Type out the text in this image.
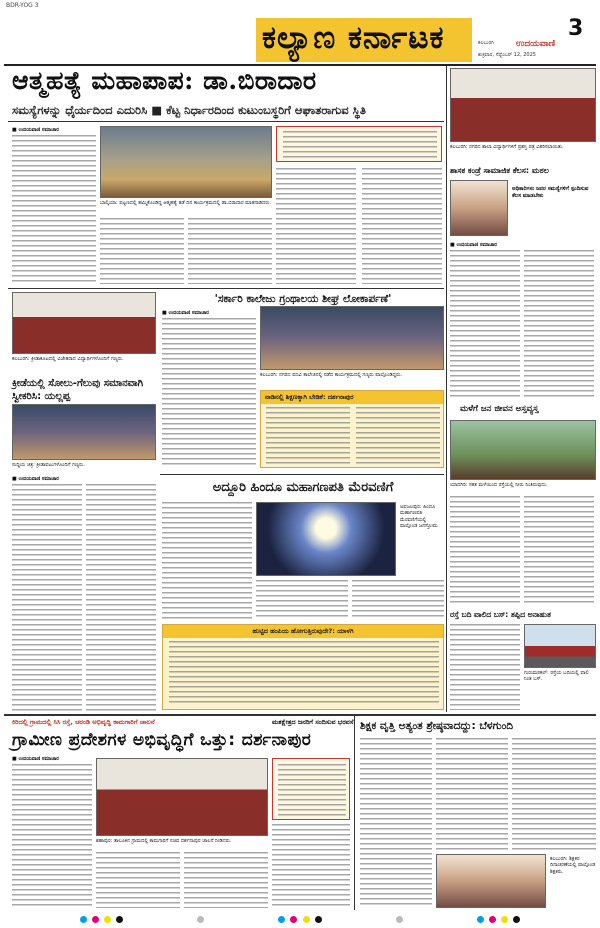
BDR-YOG 3
ಕಲ್ಯಾಣ ಕರ್ನಾಟಕ	ಕಲಬುರಗಿ ಉದಯವಾಣಿ
3
ಶುಕ್ರವಾರ, ಸೆಪ್ಟೆಂಬರ್ 12, 2025
ಆತ್ಮಹತ್ಯೆ ಮಹಾಪಾಪ: ಡಾ.ಬಿರಾದಾರ
ಸಮಸ್ಯೆಗಳನ್ನು ಧೈರ್ಯದಿಂದ ಎದುರಿಸಿ ■ ಕೆಟ್ಟ ನಿರ್ಧಾರದಿಂದ ಕುಟುಂಬಸ್ಥರಿಗೆ ಆಘಾತರಾಗುವ ಸ್ಥಿತಿ
■ ಉದಯವಾಣಿ ಸಮಾಚಾರ
ಬಾಲ್ಕಿಯಾ: ಪಟ್ಟಣದಲ್ಲಿ ಹಮ್ಮಿಕೊಂಡಿದ್ದ ಆತ್ಮಹತ್ಯೆ ತಡೆ ದಿನ ಕಾರ್ಯಕ್ರಮದಲ್ಲಿ ಡಾ.ಬಿರಾದಾರ ಮಾತನಾಡಿದರು.
ಕಲಬುರಗಿ: ನಗರದ ಶಾಲಾ ವಿದ್ಯಾರ್ಥಿಗಳಿಗೆ ಪ್ರಶಸ್ತಿ ಪತ್ರ ವಿತರಿಸಲಾಯಿತು.
ಶಾಸಕ ಕಂಡ್ರೆ ಸಾಮಾಜಿಕ ಕೆಲಸ: ಮಠಲ
ಅಧಿಕಾರಿಗಳು ಜನರ ಸಮಸ್ಯೆಗಳಿಗೆ ಸ್ಪಂದಿಸುವ ಕೆಲಸ ಮಾಡಬೇಕು
■ ಉದಯವಾಣಿ ಸಮಾಚಾರ
ಮಳೆಗೆ ಜನ ಜೀವನ ಅಸ್ತವ್ಯಸ್ತ
ಯಾದಗಿರಿ: ಸತತ ಮಳೆಯಿಂದ ರಸ್ತೆಯಲ್ಲಿ ನೀರು ನಿಂತಿರುವುದು.
ರಸ್ತೆ ಬದಿ ವಾಲಿದ ಬಸ್: ತಪ್ಪಿದ ಅನಾಹುತ
ಗುರುಮಠಕಲ್: ರಸ್ತೆಯ ಬದಿಯಲ್ಲಿ ವಾಲಿ ನಿಂತ ಬಸ್.
ಕಲಬುರಗಿ: ಕ್ರೀಡಾಕೂಟದಲ್ಲಿ ವಿಜೇತರಾದ ವಿದ್ಯಾರ್ಥಿಗಳೊಂದಿಗೆ ಗಣ್ಯರು.
ಕ್ರೀಡೆಯಲ್ಲಿ ಸೋಲು-ಗೆಲುವು ಸಮಾನವಾಗಿ ಸ್ವೀಕರಿಸಿ: ಯಲ್ಲಪ್ಪ
ಸುದ್ದಿಯ ಚಿತ್ರ: ಕ್ರೀಡಾಪಟುಗಳೊಂದಿಗೆ ಗಣ್ಯರು.
'ಸರ್ಕಾರಿ ಕಾಲೇಜು ಗ್ರಂಥಾಲಯ ಶೀಘ್ರ ಲೋಕಾರ್ಪಣೆ'
■ ಉದಯವಾಣಿ ಸಮಾಚಾರ
ಕಲಬುರಗಿ: ನಗರದ ಪದವಿ ಕಾಲೇಜಿನಲ್ಲಿ ನಡೆದ ಕಾರ್ಯಕ್ರಮದಲ್ಲಿ ಗಣ್ಯರು ಪಾಲ್ಗೊಂಡಿದ್ದರು.
ನಾಡಿನಲ್ಲಿ ಶಿಕ್ಷಣಕ್ಕಾಗಿ ಬೇಡಿಕೆ: ದರ್ಶನಾಪುರ
ಅದ್ದೂರಿ ಹಿಂದೂ ಮಹಾಗಣಪತಿ ಮೆರವಣಿಗೆ
■ ಉದಯವಾಣಿ ಸಮಾಚಾರ
ಅಫಜಲಪುರ: ಹಿಂದೂ ಮಹಾಗಣಪತಿ ಮೆರವಣಿಗೆಯಲ್ಲಿ ಪಾಲ್ಗೊಂಡ ಜನಸ್ತೋಮ
ಹುಟ್ಟಿದ ಹಂಪಿಯ ಹೋಗುತ್ತಿರುವುದೇ?: ಯಾಳಗಿ
ಕಿರಿದಲ್ಲಿ ಗ್ರಾಮದಲ್ಲಿ ಸಿಸಿ ರಸ್ತೆ, ಚರಂಡಿ ಅಭಿವೃದ್ಧಿ ಕಾಮಗಾರಿಗೆ ಚಾಲನೆ	ಮತಕ್ಷೇತ್ರದ ಜನರಿಗೆ ಸಂದಿಸುವ ಭರವಸೆ
ಗ್ರಾಮೀಣ ಪ್ರದೇಶಗಳ ಅಭಿವೃದ್ಧಿಗೆ ಒತ್ತು: ದರ್ಶನಾಪುರ
■ ಉದಯವಾಣಿ ಸಮಾಚಾರ
ಶಹಾಪುರ: ತಾಲೂಕಿನ ಗ್ರಾಮದಲ್ಲಿ ಕಾಮಗಾರಿಗೆ ಸಚಿವ ದರ್ಶನಾಪುರ ಚಾಲನೆ ನೀಡಿದರು.
ಶಿಕ್ಷಕ ವೃತ್ತಿ ಅತ್ಯಂತ ಶ್ರೇಷ್ಠವಾದದ್ದು: ಬೆಳಗುಂದಿ
ಕಲಬುರಗಿ: ಶಿಕ್ಷಕರ ದಿನಾಚರಣೆಯಲ್ಲಿ ಪಾಲ್ಗೊಂಡ ಶಿಕ್ಷಕರು.
